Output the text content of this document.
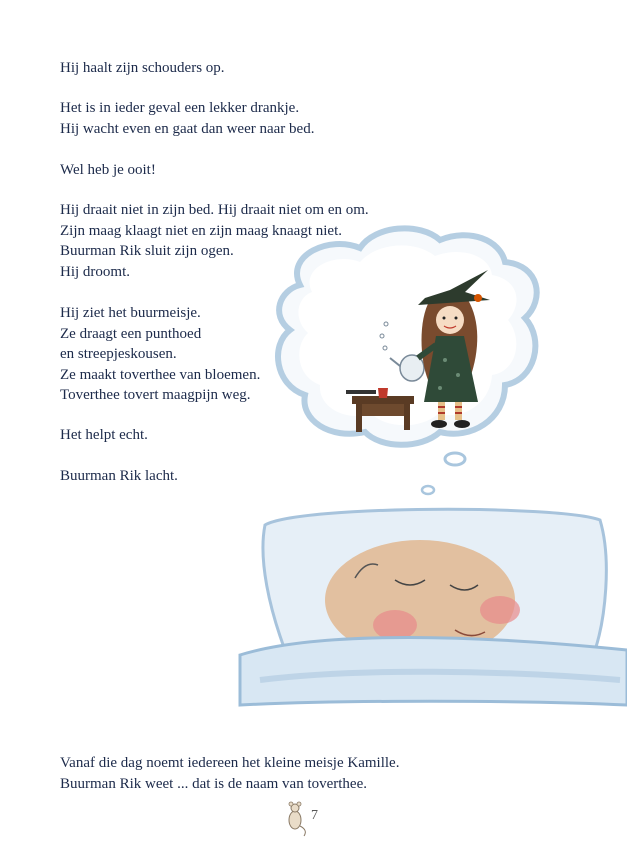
Hij haalt zijn schouders op.
Het is in ieder geval een lekker drankje.
Hij wacht even en gaat dan weer naar bed.
Wel heb je ooit!
Hij draait niet in zijn bed. Hij draait niet om en om.
Zijn maag klaagt niet en zijn maag knaagt niet.
Buurman Rik sluit zijn ogen.
Hij droomt.
Hij ziet het buurmeisje.
Ze draagt een punthoed
en streepjeskousen.
Ze maakt toverthee van bloemen.
Toverthee tovert maagpijn weg.
Het helpt echt.
Buurman Rik lacht.
Vanaf die dag noemt iedereen het kleine meisje Kamille.
Buurman Rik weet ... dat is de naam van toverthee.
7
